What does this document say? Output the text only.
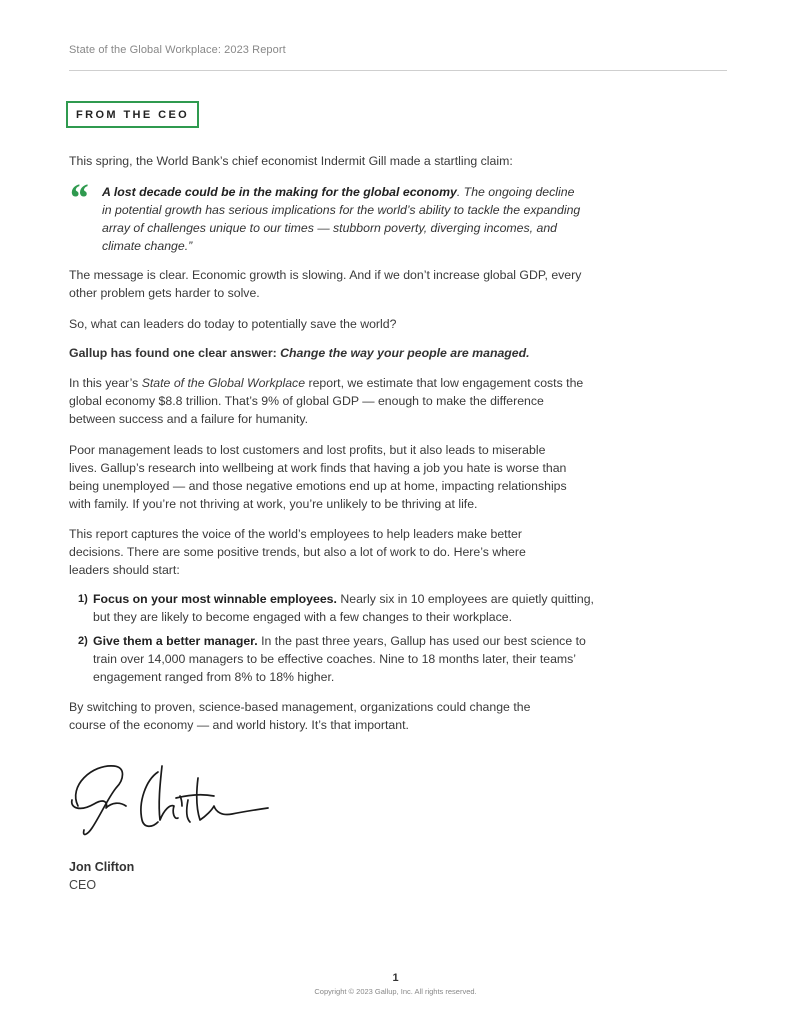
State of the Global Workplace: 2023 Report
FROM THE CEO

This spring, the World Bank’s chief economist Indermit Gill made a startling claim:

“ A lost decade could be in the making for the global economy. The ongoing decline in potential growth has serious implications for the world’s ability to tackle the expanding array of challenges unique to our times — stubborn poverty, diverging incomes, and climate change.”

The message is clear. Economic growth is slowing. And if we don’t increase global GDP, every other problem gets harder to solve.

So, what can leaders do today to potentially save the world?

Gallup has found one clear answer: Change the way your people are managed.

In this year’s State of the Global Workplace report, we estimate that low engagement costs the global economy $8.8 trillion. That’s 9% of global GDP — enough to make the difference between success and a failure for humanity.

Poor management leads to lost customers and lost profits, but it also leads to miserable lives. Gallup’s research into wellbeing at work finds that having a job you hate is worse than being unemployed — and those negative emotions end up at home, impacting relationships with family. If you’re not thriving at work, you’re unlikely to be thriving at life.

This report captures the voice of the world’s employees to help leaders make better decisions. There are some positive trends, but also a lot of work to do. Here’s where leaders should start:

1) Focus on your most winnable employees. Nearly six in 10 employees are quietly quitting, but they are likely to become engaged with a few changes to their workplace.
2) Give them a better manager. In the past three years, Gallup has used our best science to train over 14,000 managers to be effective coaches. Nine to 18 months later, their teams’ engagement ranged from 8% to 18% higher.

By switching to proven, science-based management, organizations could change the course of the economy — and world history. It’s that important.

Jon Clifton
CEO
1
Copyright © 2023 Gallup, Inc. All rights reserved.
